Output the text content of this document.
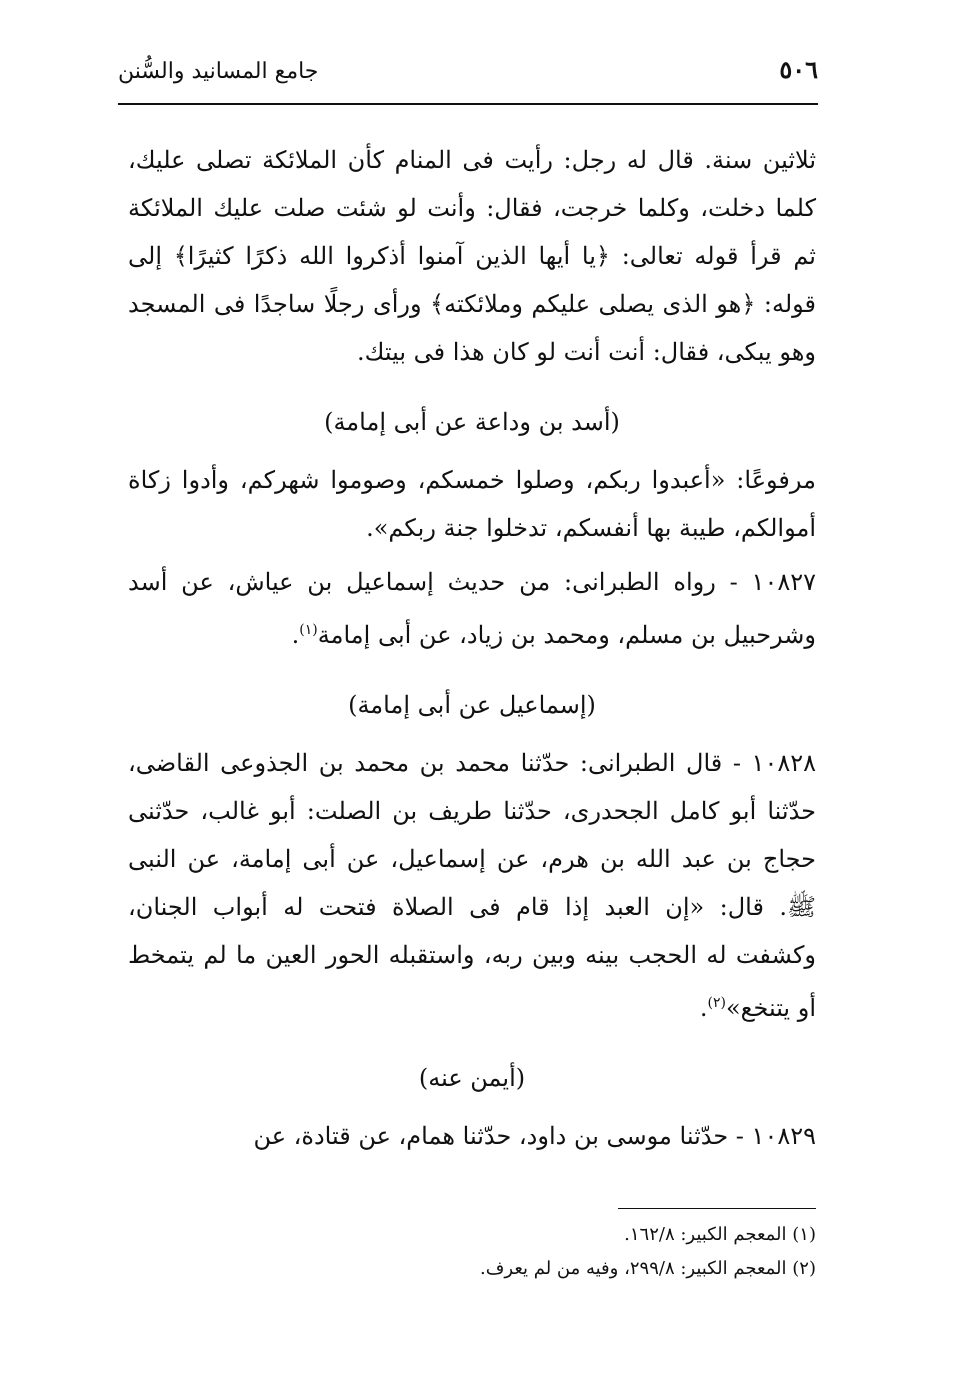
٥٠٦
جامع المسانيد والسُّنن

ثلاثين سنة. قال له رجل: رأيت فى المنام كأن الملائكة تصلى عليك، كلما دخلت، وكلما خرجت، فقال: وأنت لو شئت صلت عليك الملائكة ثم قرأ قوله تعالى: ﴿يا أيها الذين آمنوا أذكروا الله ذكرًا كثيرًا﴾ إلى قوله: ﴿هو الذى يصلى عليكم وملائكته﴾ ورأى رجلًا ساجدًا فى المسجد وهو يبكى، فقال: أنت أنت لو كان هذا فى بيتك.

(أسد بن وداعة عن أبى إمامة)

مرفوعًا: «أعبدوا ربكم، وصلوا خمسكم، وصوموا شهركم، وأدوا زكاة أموالكم، طيبة بها أنفسكم، تدخلوا جنة ربكم».

١٠٨٢٧ - رواه الطبرانى: من حديث إسماعيل بن عياش، عن أسد وشرحبيل بن مسلم، ومحمد بن زياد، عن أبى إمامة$^{(١)}$.

(إسماعيل عن أبى إمامة)

١٠٨٢٨ - قال الطبرانى: حدّثنا محمد بن محمد بن الجذوعى القاضى، حدّثنا أبو كامل الجحدرى، حدّثنا طريف بن الصلت: أبو غالب، حدّثنى حجاج بن عبد الله بن هرم، عن إسماعيل، عن أبى إمامة، عن النبى ﷺ. قال: «إن العبد إذا قام فى الصلاة فتحت له أبواب الجنان، وكشفت له الحجب بينه وبين ربه، واستقبله الحور العين ما لم يتمخط أو يتنخع»$^{(٢)}$.

(أيمن عنه)

١٠٨٢٩ - حدّثنا موسى بن داود، حدّثنا همام، عن قتادة، عن

(١) المعجم الكبير: ١٦٢/٨.

(٢) المعجم الكبير: ٢٩٩/٨، وفيه من لم يعرف.
